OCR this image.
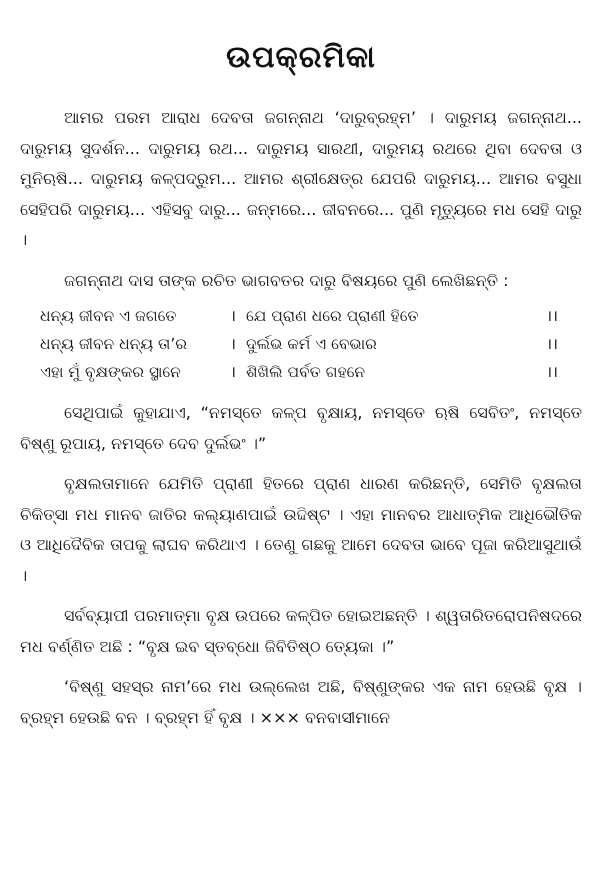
ଉପକ୍ରମିକା

ଆମର ପରମ ଆରାଧ ଦେବତା ଜଗନ୍ନାଥ ‘ଦାରୁବ୍ରହ୍ମ’ । ଦାରୁମୟ ଜଗନ୍ନାଥ... ଦାରୁମୟ ସୁଦର୍ଶନ... ଦାରୁମୟ ରଥ... ଦାରୁମୟ ସାରଥୀ, ଦାରୁମୟ ରଥରେ ଥିବା ଦେବତା ଓ ମୁନିଋଷି... ଦାରୁମୟ କଳ୍ପଦ୍ରୁମ... ଆମର ଶ୍ରୀକ୍ଷେତ୍ର ଯେପରି ଦାରୁମୟ... ଆମର ବସୁଧା ସେହିପରି ଦାରୁମୟ... ଏହିସବୁ ଦାରୁ... ଜନ୍ମରେ... ଜୀବନରେ... ପୁଣି ମୃତ୍ୟୁରେ ମଧ ସେହି ଦାରୁ ।

ଜଗନ୍ନାଥ ଦାସ ତାଙ୍କ ରଚିତ ଭାଗବତର ଦାରୁ ବିଷୟରେ ପୁଣି ଲେଖିଛନ୍ତି :

ଧନ୍ୟ ଜୀବନ ଏ ଜଗତେ	। ଯେ ପ୍ରାଣ ଧରେ ପ୍ରାଣୀ ହିତେ	।।
ଧନ୍ୟ ଜୀବନ ଧନ୍ୟ ତା’ର	। ଦୁର୍ଲଭ କର୍ମ ଏ ବେଭାର	।।
ଏହା ମୁଁ ବୃକ୍ଷଙ୍କର ସ୍ଥାନେ	। ଶିଖିଲି ପର୍ବତ ଗହନେ	।।

ସେଥିପାଇଁ କୁହାଯାଏ, “ନମସ୍ତେ କଳ୍ପ ବୃକ୍ଷାୟ, ନମସ୍ତେ ଋଷି ସେବିତଂ, ନମସ୍ତେ ବିଷ୍ଣୁ ରୂପାୟ, ନମସ୍ତେ ଦେବ ଦୁର୍ଲଭଂ ।”

ବୃକ୍ଷଲତାମାନେ ଯେମିତି ପ୍ରାଣୀ ହିତରେ ପ୍ରାଣ ଧାରଣ କରିଛନ୍ତି, ସେମିତି ବୃକ୍ଷଲତା ଚିକିତ୍ସା ମଧ ମାନବ ଜାତିର କଲ୍ୟାଣପାଇଁ ଉଦ୍ଦିଷ୍ଟ । ଏହା ମାନବର ଆଧାତ୍ମିକ ଆଧିଭୌତିକ ଓ ଆଧିଦୈବିକ ତାପକୁ ଲାଘବ କରିଥାଏ । ତେଣୁ ଗଛକୁ ଆମେ ଦେବତା ଭାବେ ପୂଜା କରିଆସୁଥାଉଁ ।

ସର୍ବବ୍ୟାପୀ ପରମାତ୍ମା ବୃକ୍ଷ ଉପରେ କଳ୍ପିତ ହୋଇଅଛନ୍ତି । ଶ୍ୱତାରିତରୋପନିଷଦରେ ମଧ ବର୍ଣ୍ଣିତ ଅଛି : “ବୃକ୍ଷ ଇବ ସ୍ତବ୍ଧୋ ଜିବିତିଷ୍ଠ ତ୍ୟେକା ।”

‘ବିଷ୍ଣୁ ସହସ୍ର ନାମ’ରେ ମଧ ଉଲ୍ଲେଖ ଅଛି, ବିଷ୍ଣୁଙ୍କର ଏକ ନାମ ହେଉଛି ବୃକ୍ଷ । ବ୍ରହ୍ମ ହେଉଛି ବନ । ବ୍ରହ୍ମ ହିଁ ବୃକ୍ଷ । ××× ବନବାସୀମାନେ
